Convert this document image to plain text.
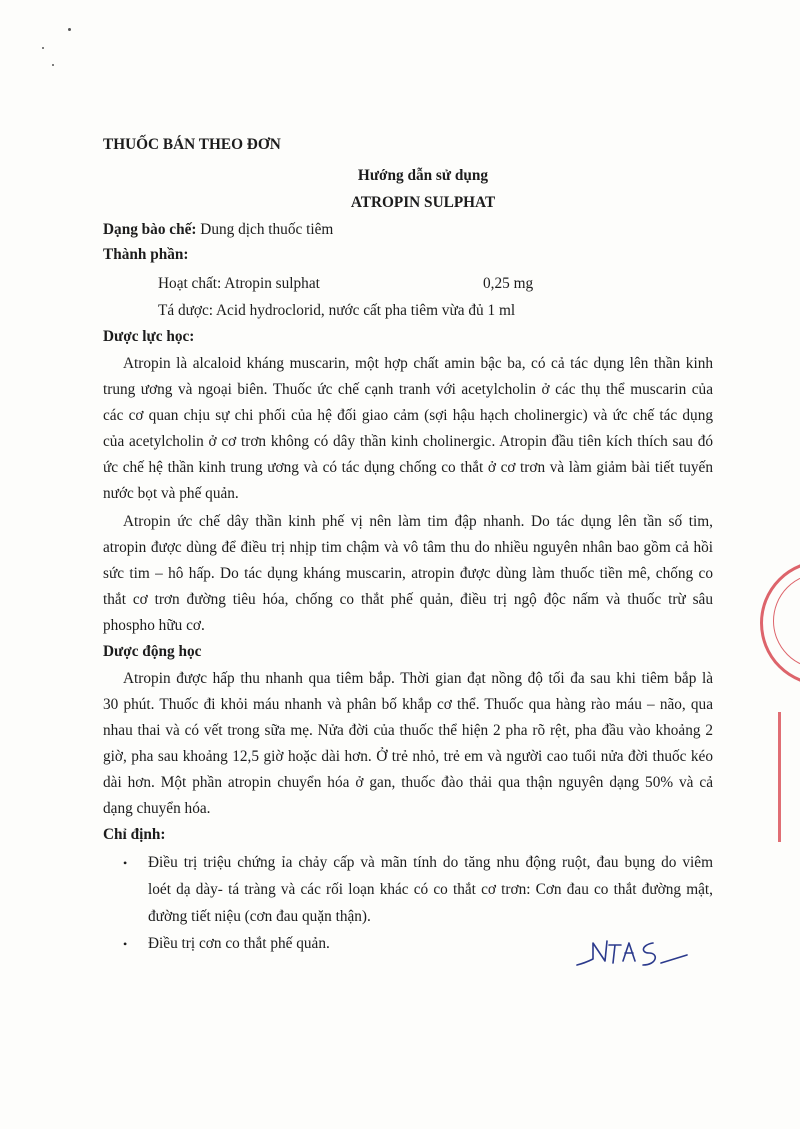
THUỐC BÁN THEO ĐƠN
Hướng dẫn sử dụng
ATROPIN SULPHAT
Dạng bào chế: Dung dịch thuốc tiêm
Thành phần:
Hoạt chất: Atropin sulphat	0,25 mg
Tá dược: Acid hydroclorid, nước cất pha tiêm vừa đủ 1 ml
Dược lực học:
Atropin là alcaloid kháng muscarin, một hợp chất amin bậc ba, có cả tác dụng lên thần kinh
trung ương và ngoại biên. Thuốc ức chế cạnh tranh với acetylcholin ở các thụ thể muscarin của
các cơ quan chịu sự chi phối của hệ đối giao cảm (sợi hậu hạch cholinergic) và ức chế tác dụng
của acetylcholin ở cơ trơn không có dây thần kinh cholinergic. Atropin đầu tiên kích thích sau đó
ức chế hệ thần kinh trung ương và có tác dụng chống co thắt ở cơ trơn và làm giảm bài tiết tuyến
nước bọt và phế quản.
Atropin ức chế dây thần kinh phế vị nên làm tim đập nhanh. Do tác dụng lên tần số tim,
atropin được dùng để điều trị nhịp tim chậm và vô tâm thu do nhiều nguyên nhân bao gồm cả hồi
sức tim – hô hấp. Do tác dụng kháng muscarin, atropin được dùng làm thuốc tiền mê, chống co
thắt cơ trơn đường tiêu hóa, chống co thắt phế quản, điều trị ngộ độc nấm và thuốc trừ sâu
phospho hữu cơ.
Dược động học
Atropin được hấp thu nhanh qua tiêm bắp. Thời gian đạt nồng độ tối đa sau khi tiêm bắp là
30 phút. Thuốc đi khỏi máu nhanh và phân bố khắp cơ thể. Thuốc qua hàng rào máu – não, qua
nhau thai và có vết trong sữa mẹ. Nửa đời của thuốc thể hiện 2 pha rõ rệt, pha đầu vào khoảng 2
giờ, pha sau khoảng 12,5 giờ hoặc dài hơn. Ở trẻ nhỏ, trẻ em và người cao tuổi nửa đời thuốc kéo
dài hơn. Một phần atropin chuyển hóa ở gan, thuốc đào thải qua thận nguyên dạng 50% và cả
dạng chuyển hóa.
Chỉ định:
• Điều trị triệu chứng ỉa chảy cấp và mãn tính do tăng nhu động ruột, đau bụng do viêm
loét dạ dày- tá tràng và các rối loạn khác có co thắt cơ trơn: Cơn đau co thắt đường mật,
đường tiết niệu (cơn đau quặn thận).
• Điều trị cơn co thắt phế quản.
